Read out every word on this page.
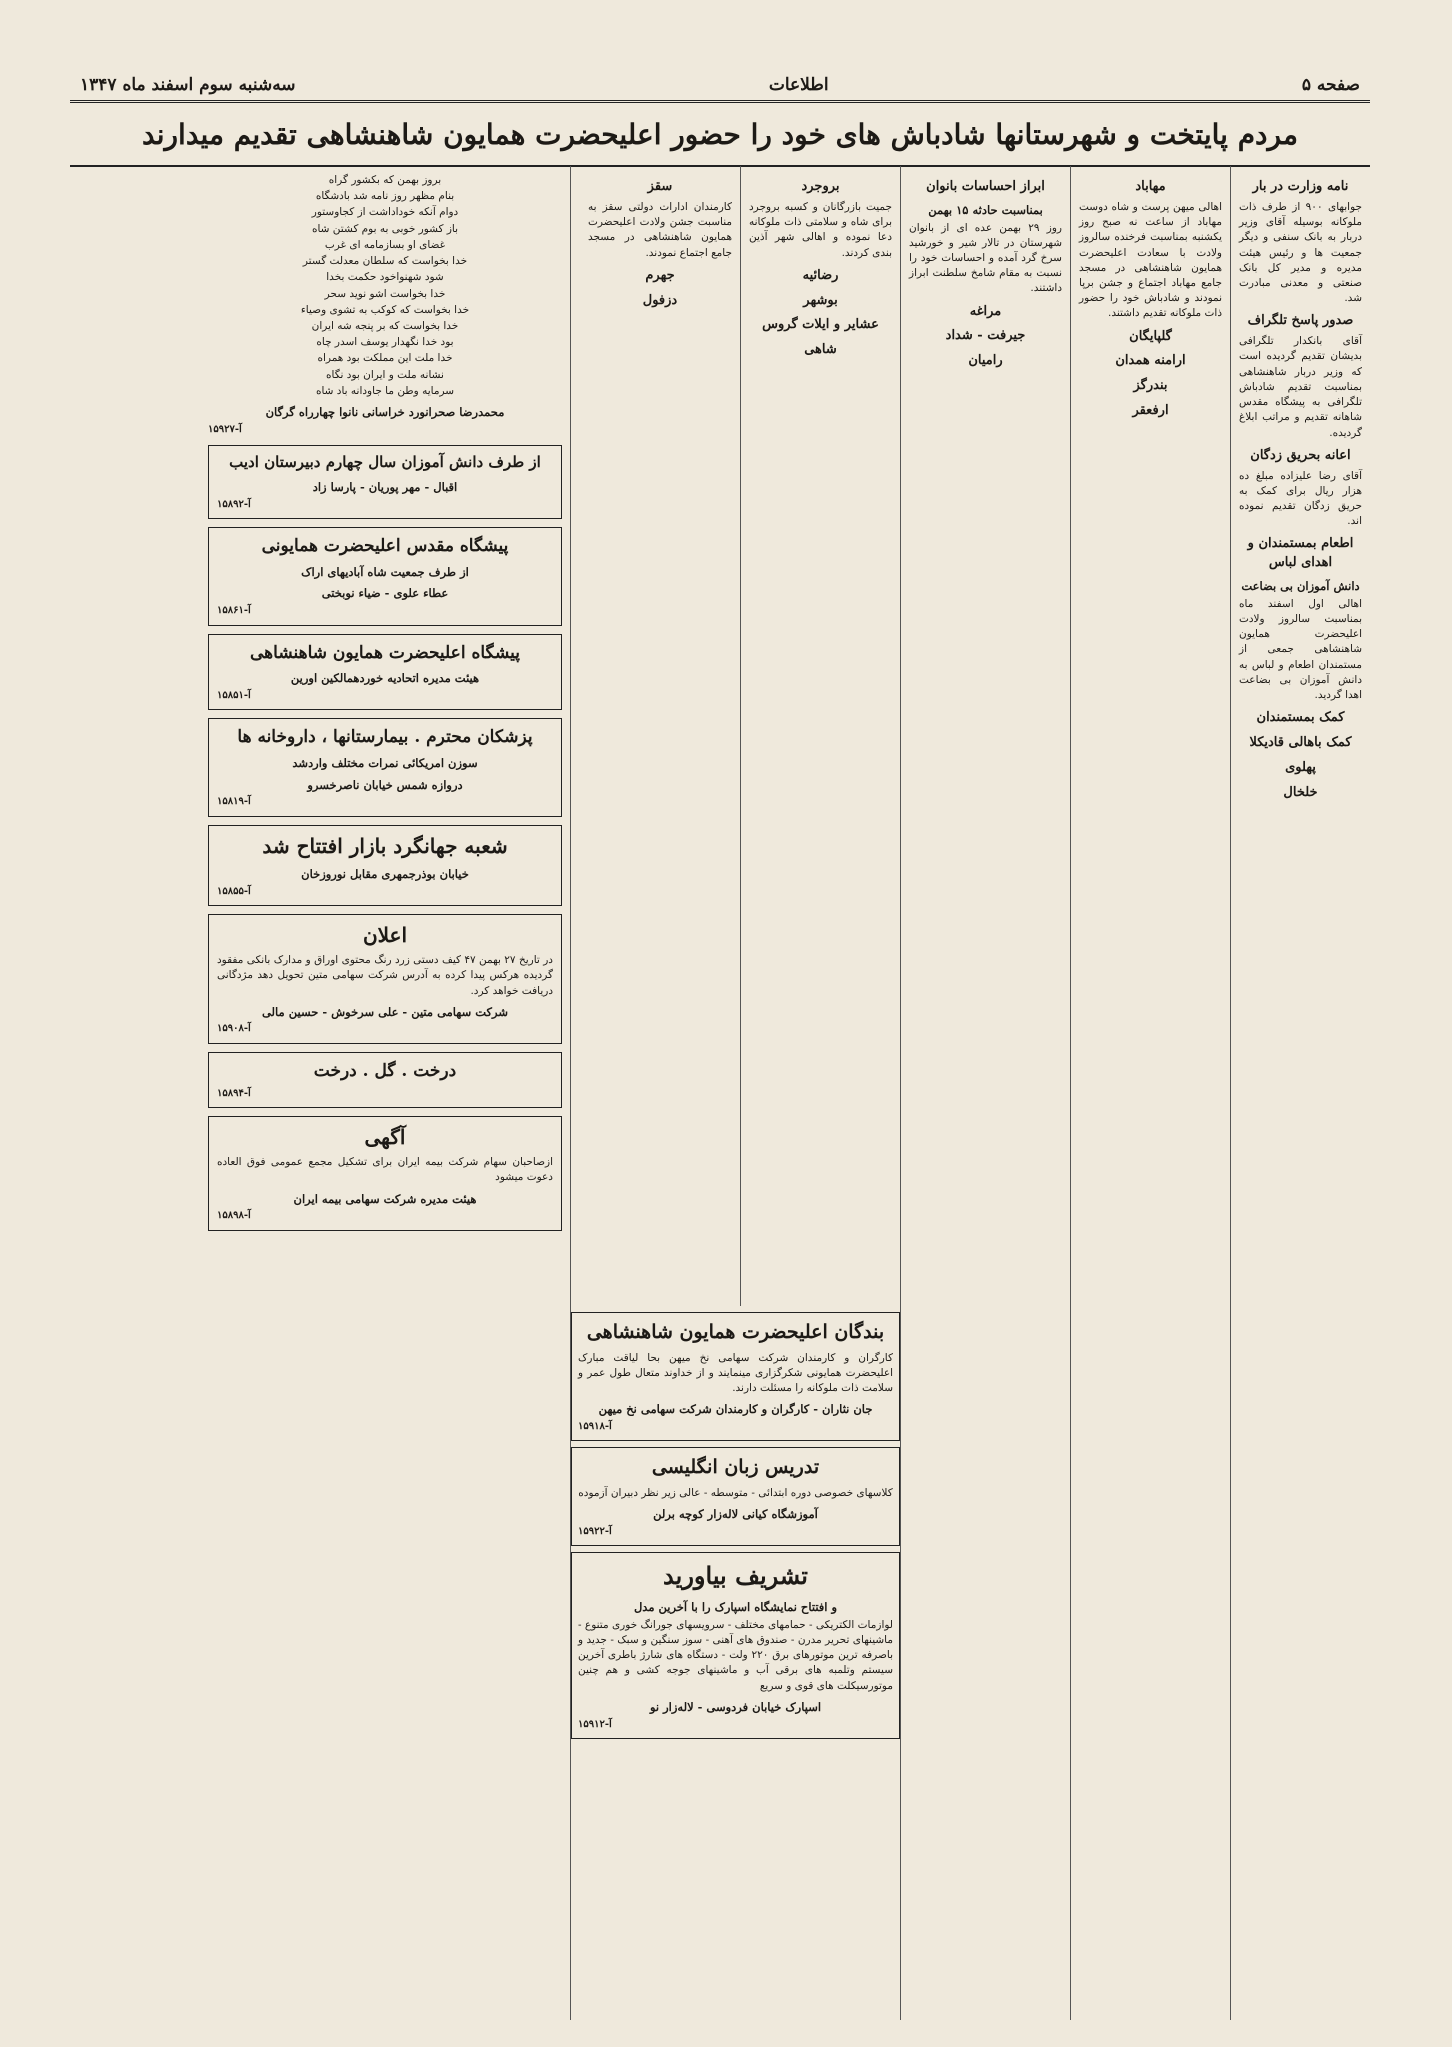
صفحه ۵
اطلاعات
سه‌شنبه سوم اسفند ماه ۱۳۴۷
مردم پایتخت و شهرستانها شادباش های خود را حضور اعلیحضرت همایون شاهنشاهی تقدیم میدارند
نامه وزارت در بار

جوابهای ۹۰۰ از طرف ذات ملوکانه بوسیله آقای وزیر دربار به بانک سنفی و دیگر جمعیت ها و رئیس هیئت مدیره و مدیر کل بانک صنعتی و معدنی مبادرت شد.

صدور پاسخ تلگراف

آقای بانکدار تلگرافی بدیشان تقدیم گردیده است که وزیر دربار شاهنشاهی بمناسبت تقدیم شادباش تلگرافی به پیشگاه مقدس شاهانه تقدیم و مراتب ابلاغ گردیده.

اعانه بحریق زدگان

آقای رضا علیزاده مبلغ ده هزار ریال برای کمک به حریق زدگان تقدیم نموده اند.

اطعام بمستمندان و اهدای لباس
دانش آموزان بی بضاعت

اهالی اول اسفند ماه بمناسبت سالروز ولادت اعلیحضرت همایون شاهنشاهی جمعی از مستمندان اطعام و لباس به دانش آموزان بی بضاعت اهدا گردید.

کمک بمستمندان
کمک باهالی قادیکلا
پهلوی
خلخال
مهاباد

اهالی میهن پرست و شاه دوست مهاباد از ساعت نه صبح روز یکشنبه بمناسبت فرخنده سالروز ولادت با سعادت اعلیحضرت همایون شاهنشاهی در مسجد جامع مهاباد اجتماع و جشن برپا نمودند و شادباش خود را حضور ذات ملوکانه تقدیم داشتند.

گلپایگان
ارامنه همدان
بندرگز
ارفعقر
ابراز احساسات بانوان
بمناسبت حادثه ۱۵ بهمن

روز ۲۹ بهمن عده ای از بانوان شهرستان در تالار شیر و خورشید سرخ گرد آمده و احساسات خود را نسبت به مقام شامخ سلطنت ابراز داشتند.

مراغه
جیرفت - شداد
رامیان
بروجرد

جمیت بازرگانان و کسبه بروجرد برای شاه و سلامتی ذات ملوکانه دعا نموده و اهالی شهر آذین بندی کردند.

رضائیه
بوشهر
عشایر و ایلات گروس
شاهی
سقز

کارمندان ادارات دولتی سقز به مناسبت جشن ولادت اعلیحضرت همایون شاهنشاهی در مسجد جامع اجتماع نمودند.

جهرم
دزفول
بندگان اعلیحضرت همایون شاهنشاهی

کارگران و کارمندان شرکت سهامی نخ میهن بحا لیاقت مبارک اعلیحضرت همایونی شکرگزاری مینمایند و از خداوند متعال طول عمر و سلامت ذات ملوکانه را مسئلت دارند.

جان نثاران - کارگران و کارمندان شرکت سهامی نخ میهن
آ-۱۵۹۱۸
تدریس زبان انگلیسی

کلاسهای خصوصی دوره ابتدائی - متوسطه - عالی زیر نظر دبیران آزموده

آموزشگاه کیانی لاله‌زار کوچه برلن
آ-۱۵۹۲۲
تشریف بیاورید
و افتتاح نمایشگاه اسپارک را با آخرین مدل

لوازمات الکتریکی - حمامهای مختلف - سرویسهای جورانگ خوری متنوع - ماشینهای تحریر مدرن - صندوق های آهنی - سوز سنگین و سبک - جدید و باصرفه ترین موتورهای برق ۲۲۰ ولت - دستگاه های شارژ باطری آخرین سیستم وتلمبه های برقی آب و ماشینهای جوجه کشی و هم چنین موتورسیکلت های قوی و سریع

اسپارک خیابان فردوسی - لاله‌زار نو
آ-۱۵۹۱۲
بروز بهمن که بکشور گراه
بنام مظهر روز نامه شد بادشگاه
دوام آنکه خوداداشت از کجاوستور
باز کشور خوبی به بوم کشتن شاه
غضای او بسازمامه ای غرب
خدا بخواست که سلطان معدلت گستر
شود شهنواخود حکمت بخدا
خدا بخواست اشو نوید سحر
خدا بخواست که کوکب به تشوی وصیاء
خدا بخواست که بر پنجه شه ایران
بود خدا نگهدار یوسف اسدر چاه
خدا ملت این مملکت بود همراه
نشانه ملت و ایران بود نگاه
سرمایه وطن ما جاودانه باد شاه
محمدرضا صحرانورد خراسانی نانوا چهارراه گرگان
آ-۱۵۹۲۷
از طرف دانش آموزان سال چهارم دبیرستان ادیب
اقبال - مهر پوریان - پارسا زاد
آ-۱۵۸۹۲
پیشگاه مقدس اعلیحضرت همایونی
از طرف جمعیت شاه آبادیهای اراک
عطاء علوی - ضیاء نوبختی
آ-۱۵۸۶۱
پیشگاه اعلیحضرت همایون شاهنشاهی
هیئت مدیره اتحادیه خوردهمالکین اورین
آ-۱۵۸۵۱
پزشکان محترم . بیمارستانها ، داروخانه ها
سوزن امریکائی نمرات مختلف واردشد
دروازه شمس خیابان ناصرخسرو
آ-۱۵۸۱۹
شعبه جهانگرد بازار افتتاح شد
خیابان بوذرجمهری مقابل نوروزخان
آ-۱۵۸۵۵
اعلان

در تاریخ ۲۷ بهمن ۴۷ کیف دستی زرد رنگ محتوی اوراق و مدارک بانکی مفقود گردیده هرکس پیدا کرده به آدرس شرکت سهامی متین تحویل دهد مژدگانی دریافت خواهد کرد.

شرکت سهامی متین - علی سرخوش - حسین مالی
آ-۱۵۹۰۸
درخت . گل . درخت
آ-۱۵۸۹۴
آگهی

ازصاحبان سهام شرکت بیمه ایران برای تشکیل مجمع عمومی فوق العاده دعوت میشود

هیئت مدیره شرکت سهامی بیمه ایران
آ-۱۵۸۹۸
